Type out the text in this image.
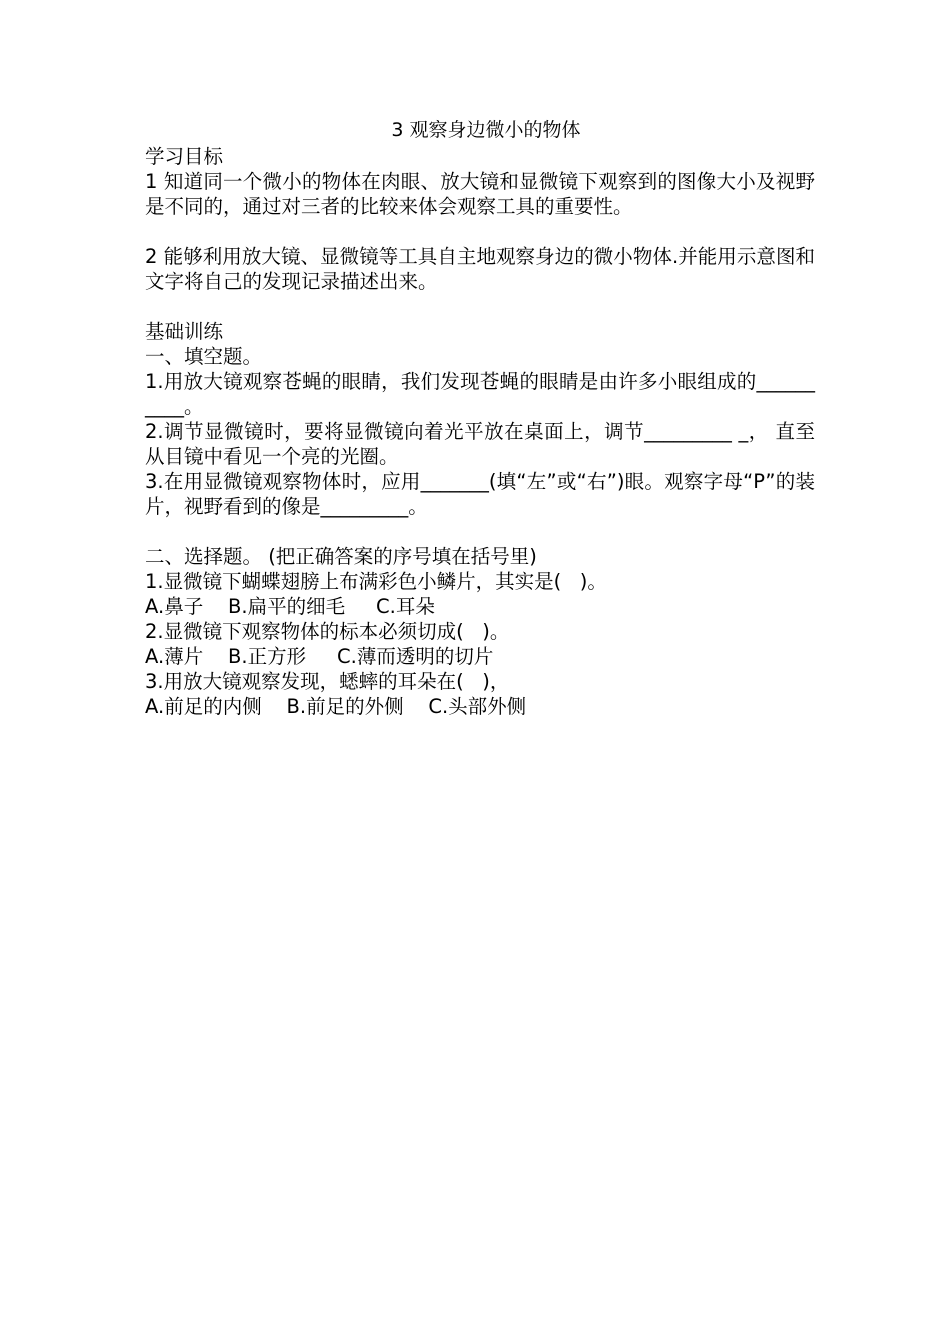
3 观察身边微小的物体
学习目标
1 知道同一个微小的物体在肉眼、放大镜和显微镜下观察到的图像大小及视野是不同的，通过对三者的比较来体会观察工具的重要性。
2 能够利用放大镜、显微镜等工具自主地观察身边的微小物体.并能用示意图和文字将自己的发现记录描述出来。
基础训练
一、填空题。
1.用放大镜观察苍蝇的眼睛，我们发现苍蝇的眼睛是由许多小眼组成的__________。
2.调节显微镜时，要将显微镜向着光平放在桌面上，调节_________ _， 直至从目镜中看见一个亮的光圈。
3.在用显微镜观察物体时，应用_______(填“左”或“右”)眼。观察字母“P”的装片，视野看到的像是_________。
二、选择题。 (把正确答案的序号填在括号里)
1.显微镜下蝴蝶翅膀上布满彩色小鳞片，其实是(   )。
A.鼻子    B.扁平的细毛     C.耳朵
2.显微镜下观察物体的标本必须切成(   )。
A.薄片    B.正方形     C.薄而透明的切片
3.用放大镜观察发现，蟋蟀的耳朵在(   )，
A.前足的内侧    B.前足的外侧    C.头部外侧
